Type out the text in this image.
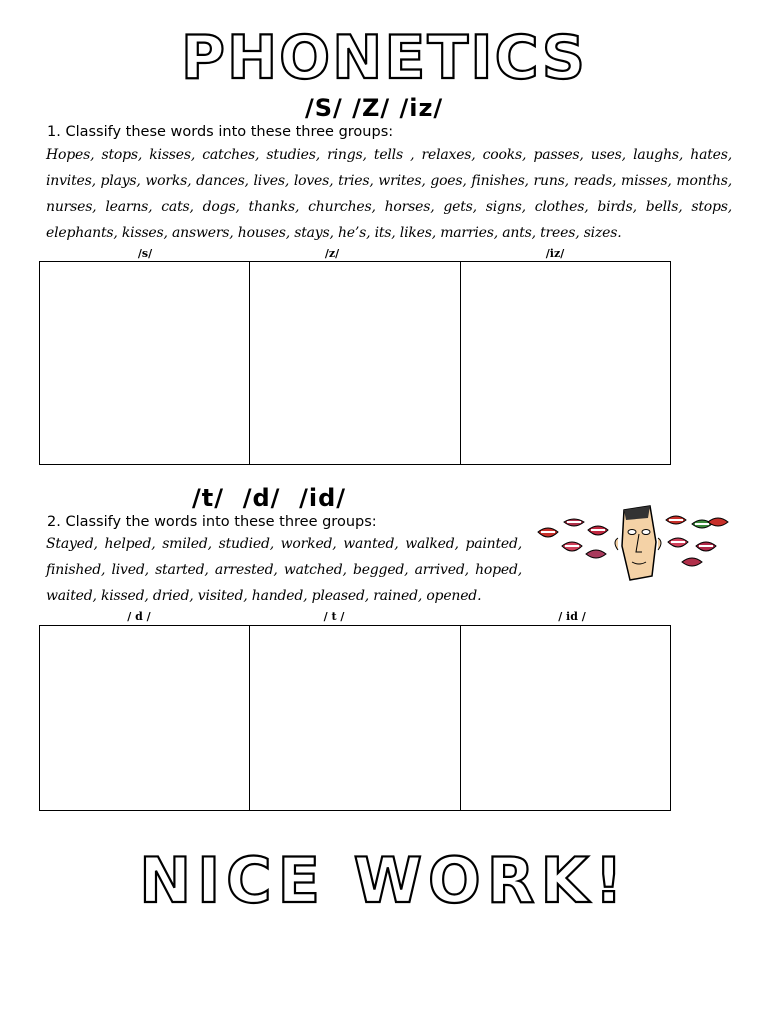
PHONETICS
/S/ /Z/ /iz/
1. Classify these words into these three groups:
Hopes, stops, kisses, catches, studies, rings, tells , relaxes, cooks, passes, uses, laughs, hates, invites, plays, works, dances, lives, loves, tries, writes, goes, finishes, runs, reads, misses, months, nurses, learns, cats, dogs, thanks, churches, horses, gets, signs, clothes, birds, bells, stops, elephants, kisses, answers, houses, stays, he’s, its, likes, marries, ants, trees, sizes.
/s/	/z/	/iz/
/t/  /d/  /id/
2. Classify the words into these three groups:
Stayed, helped, smiled, studied, worked, wanted, walked, painted, finished, lived, started, arrested, watched, begged, arrived, hoped, waited, kissed, dried, visited, handed, pleased, rained, opened.
/ d /	/ t /	/ id /
NICE WORK!
